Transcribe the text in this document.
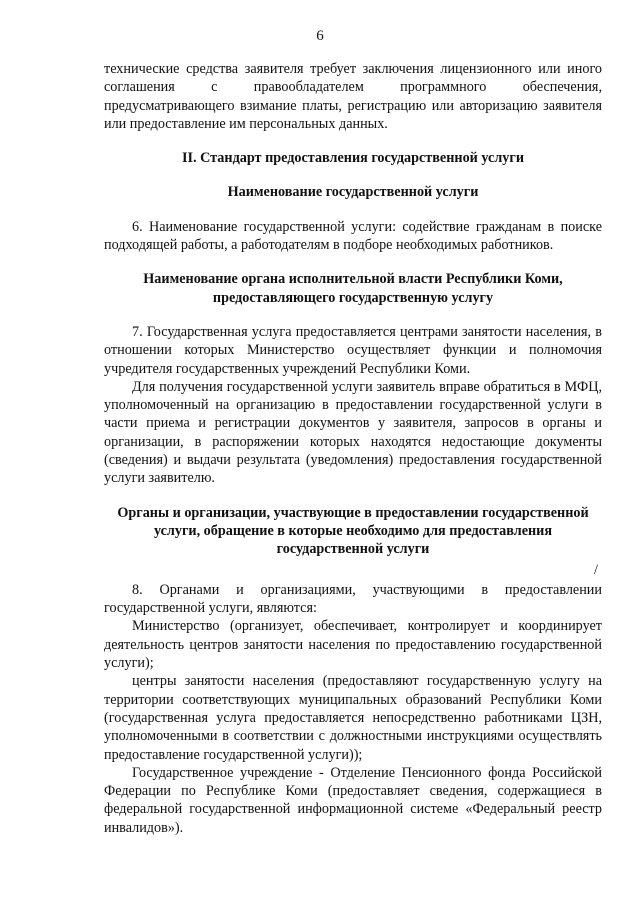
6

технические средства заявителя требует заключения лицензионного или иного соглашения с правообладателем программного обеспечения, предусматривающего взимание платы, регистрацию или авторизацию заявителя или предоставление им персональных данных.

II. Стандарт предоставления государственной услуги

Наименование государственной услуги

6. Наименование государственной услуги: содействие гражданам в поиске подходящей работы, а работодателям в подборе необходимых работников.

Наименование органа исполнительной власти Республики Коми, предоставляющего государственную услугу

7. Государственная услуга предоставляется центрами занятости населения, в отношении которых Министерство осуществляет функции и полномочия учредителя государственных учреждений Республики Коми.

Для получения государственной услуги заявитель вправе обратиться в МФЦ, уполномоченный на организацию в предоставлении государственной услуги в части приема и регистрации документов у заявителя, запросов в органы и организации, в распоряжении которых находятся недостающие документы (сведения) и выдачи результата (уведомления) предоставления государственной услуги заявителю.

Органы и организации, участвующие в предоставлении государственной услуги, обращение в которые необходимо для предоставления государственной услуги

/

8. Органами и организациями, участвующими в предоставлении государственной услуги, являются:

Министерство (организует, обеспечивает, контролирует и координирует деятельность центров занятости населения по предоставлению государственной услуги);

центры занятости населения (предоставляют государственную услугу на территории соответствующих муниципальных образований Республики Коми (государственная услуга предоставляется непосредственно работниками ЦЗН, уполномоченными в соответствии с должностными инструкциями осуществлять предоставление государственной услуги));

Государственное учреждение - Отделение Пенсионного фонда Российской Федерации по Республике Коми (предоставляет сведения, содержащиеся в федеральной государственной информационной системе «Федеральный реестр инвалидов»).
